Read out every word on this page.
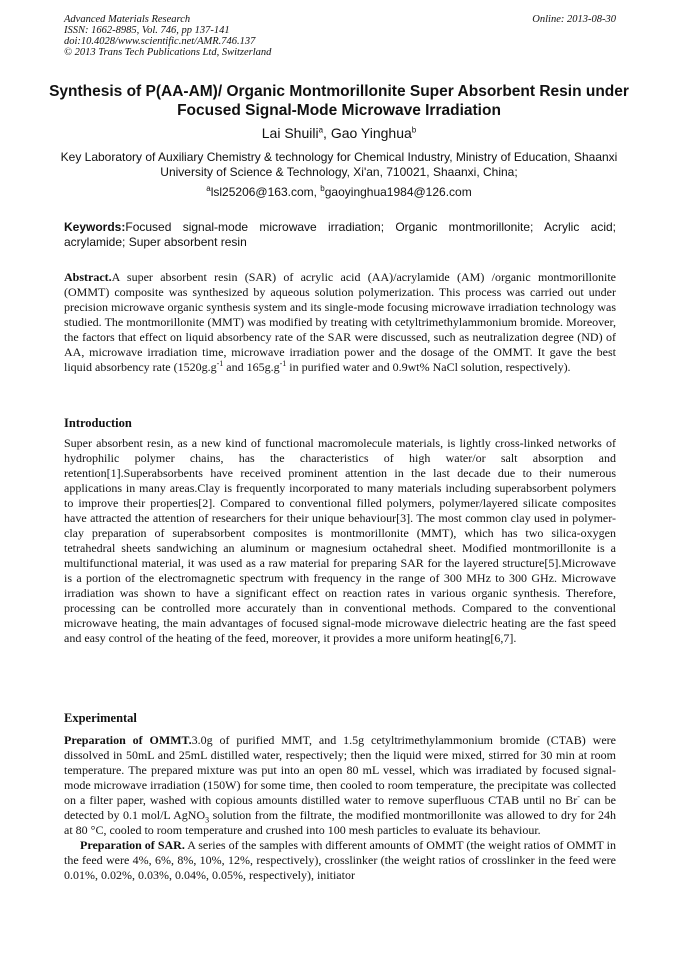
Advanced Materials Research
ISSN: 1662-8985, Vol. 746, pp 137-141
doi:10.4028/www.scientific.net/AMR.746.137
© 2013 Trans Tech Publications Ltd, Switzerland
Online: 2013-08-30
Synthesis of P(AA-AM)/ Organic Montmorillonite Super Absorbent Resin under Focused Signal-Mode Microwave Irradiation
Lai Shuili$^a$, Gao Yinghua$^b$
Key Laboratory of Auxiliary Chemistry & technology for Chemical Industry, Ministry of Education, Shaanxi University of Science & Technology, Xi'an, 710021, Shaanxi, China;
$^a$lsl25206@163.com, $^b$gaoyinghua1984@126.com
Keywords:Focused signal-mode microwave irradiation; Organic montmorillonite; Acrylic acid; acrylamide; Super absorbent resin
Abstract.A super absorbent resin (SAR) of acrylic acid (AA)/acrylamide (AM) /organic montmorillonite (OMMT) composite was synthesized by aqueous solution polymerization. This process was carried out under precision microwave organic synthesis system and its single-mode focusing microwave irradiation technology was studied. The montmorillonite (MMT) was modified by treating with cetyltrimethylammonium bromide. Moreover, the factors that effect on liquid absorbency rate of the SAR were discussed, such as neutralization degree (ND) of AA, microwave irradiation time, microwave irradiation power and the dosage of the OMMT. It gave the best liquid absorbency rate ($1520g.g^{-1}$ and $165g.g^{-1}$ in purified water and 0.9wt% NaCl solution, respectively).
Introduction
Super absorbent resin, as a new kind of functional macromolecule materials, is lightly cross-linked networks of hydrophilic polymer chains, has the characteristics of high water/or salt absorption and retention[1].Superabsorbents have received prominent attention in the last decade due to their numerous applications in many areas.Clay is frequently incorporated to many materials including superabsorbent polymers to improve their properties[2]. Compared to conventional filled polymers, polymer/layered silicate composites have attracted the attention of researchers for their unique behaviour[3]. The most common clay used in polymer-clay preparation of superabsorbent composites is montmorillonite (MMT), which has two silica-oxygen tetrahedral sheets sandwiching an aluminum or magnesium octahedral sheet. Modified montmorillonite is a multifunctional material, it was used as a raw material for preparing SAR for the layered structure[5].Microwave is a portion of the electromagnetic spectrum with frequency in the range of 300 MHz to 300 GHz. Microwave irradiation was shown to have a significant effect on reaction rates in various organic synthesis. Therefore, processing can be controlled more accurately than in conventional methods. Compared to the conventional microwave heating, the main advantages of focused signal-mode microwave dielectric heating are the fast speed and easy control of the heating of the feed, moreover, it provides a more uniform heating[6,7].
Experimental
Preparation of OMMT.3.0g of purified MMT, and 1.5g cetyltrimethylammonium bromide (CTAB) were dissolved in 50mL and 25mL distilled water, respectively; then the liquid were mixed, stirred for 30 min at room temperature. The prepared mixture was put into an open 80 mL vessel, which was irradiated by focused signal-mode microwave irradiation (150W) for some time, then cooled to room temperature, the precipitate was collected on a filter paper, washed with copious amounts distilled water to remove superfluous CTAB until no Br- can be detected by 0.1 mol/L AgNO$_3$ solution from the filtrate, the modified montmorillonite was allowed to dry for 24h at 80 °C, cooled to room temperature and crushed into 100 mesh particles to evaluate its behaviour.
Preparation of SAR. A series of the samples with different amounts of OMMT (the weight ratios of OMMT in the feed were 4%, 6%, 8%, 10%, 12%, respectively), crosslinker (the weight ratios of crosslinker in the feed were 0.01%, 0.02%, 0.03%, 0.04%, 0.05%, respectively), initiator
